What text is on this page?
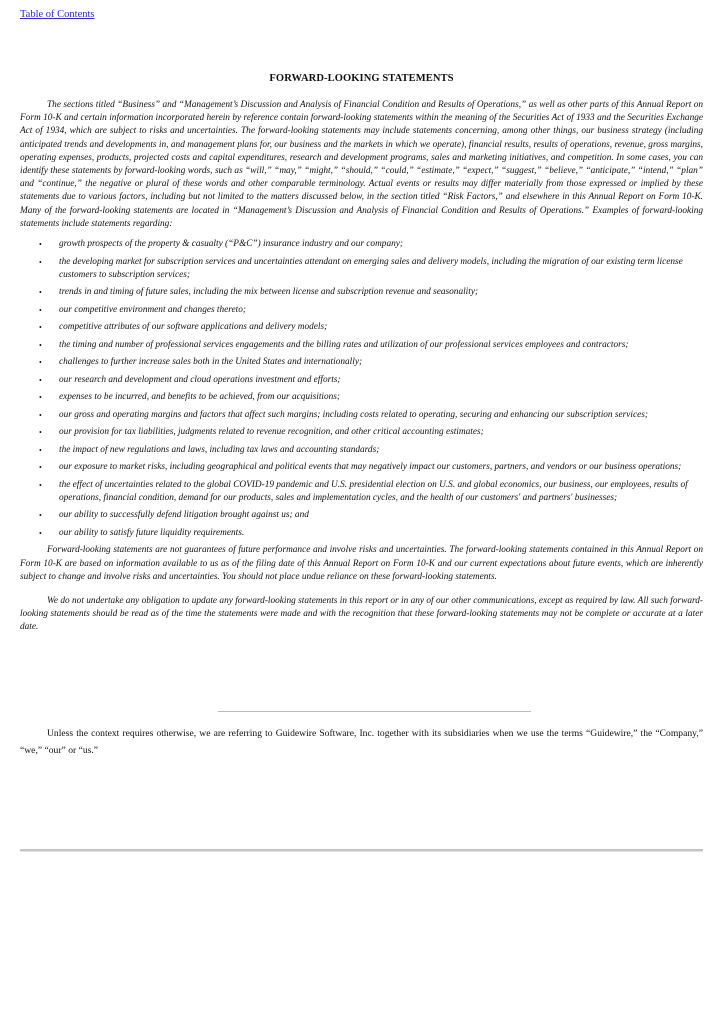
Table of Contents
FORWARD-LOOKING STATEMENTS

The sections titled “Business” and “Management’s Discussion and Analysis of Financial Condition and Results of Operations,” as well as other parts of this Annual Report on Form 10-K and certain information incorporated herein by reference contain forward-looking statements within the meaning of the Securities Act of 1933 and the Securities Exchange Act of 1934, which are subject to risks and uncertainties. The forward-looking statements may include statements concerning, among other things, our business strategy (including anticipated trends and developments in, and management plans for, our business and the markets in which we operate), financial results, results of operations, revenue, gross margins, operating expenses, products, projected costs and capital expenditures, research and development programs, sales and marketing initiatives, and competition. In some cases, you can identify these statements by forward-looking words, such as “will,” “may,” “might,” “should,” “could,” “estimate,” “expect,” “suggest,” “believe,” “anticipate,” “intend,” “plan” and “continue,” the negative or plural of these words and other comparable terminology. Actual events or results may differ materially from those expressed or implied by these statements due to various factors, including but not limited to the matters discussed below, in the section titled “Risk Factors,” and elsewhere in this Annual Report on Form 10-K. Many of the forward-looking statements are located in “Management’s Discussion and Analysis of Financial Condition and Results of Operations.” Examples of forward-looking statements include statements regarding:

• growth prospects of the property & casualty (“P&C”) insurance industry and our company;
• the developing market for subscription services and uncertainties attendant on emerging sales and delivery models, including the migration of our existing term license customers to subscription services;
• trends in and timing of future sales, including the mix between license and subscription revenue and seasonality;
• our competitive environment and changes thereto;
• competitive attributes of our software applications and delivery models;
• the timing and number of professional services engagements and the billing rates and utilization of our professional services employees and contractors;
• challenges to further increase sales both in the United States and internationally;
• our research and development and cloud operations investment and efforts;
• expenses to be incurred, and benefits to be achieved, from our acquisitions;
• our gross and operating margins and factors that affect such margins; including costs related to operating, securing and enhancing our subscription services;
• our provision for tax liabilities, judgments related to revenue recognition, and other critical accounting estimates;
• the impact of new regulations and laws, including tax laws and accounting standards;
• our exposure to market risks, including geographical and political events that may negatively impact our customers, partners, and vendors or our business operations;
• the effect of uncertainties related to the global COVID-19 pandemic and U.S. presidential election on U.S. and global economics, our business, our employees, results of operations, financial condition, demand for our products, sales and implementation cycles, and the health of our customers' and partners' businesses;
• our ability to successfully defend litigation brought against us; and
• our ability to satisfy future liquidity requirements.

Forward-looking statements are not guarantees of future performance and involve risks and uncertainties. The forward-looking statements contained in this Annual Report on Form 10-K are based on information available to us as of the filing date of this Annual Report on Form 10-K and our current expectations about future events, which are inherently subject to change and involve risks and uncertainties. You should not place undue reliance on these forward-looking statements.

We do not undertake any obligation to update any forward-looking statements in this report or in any of our other communications, except as required by law. All such forward-looking statements should be read as of the time the statements were made and with the recognition that these forward-looking statements may not be complete or accurate at a later date.

Unless the context requires otherwise, we are referring to Guidewire Software, Inc. together with its subsidiaries when we use the terms “Guidewire,” the “Company,” “we,” “our” or “us.”
